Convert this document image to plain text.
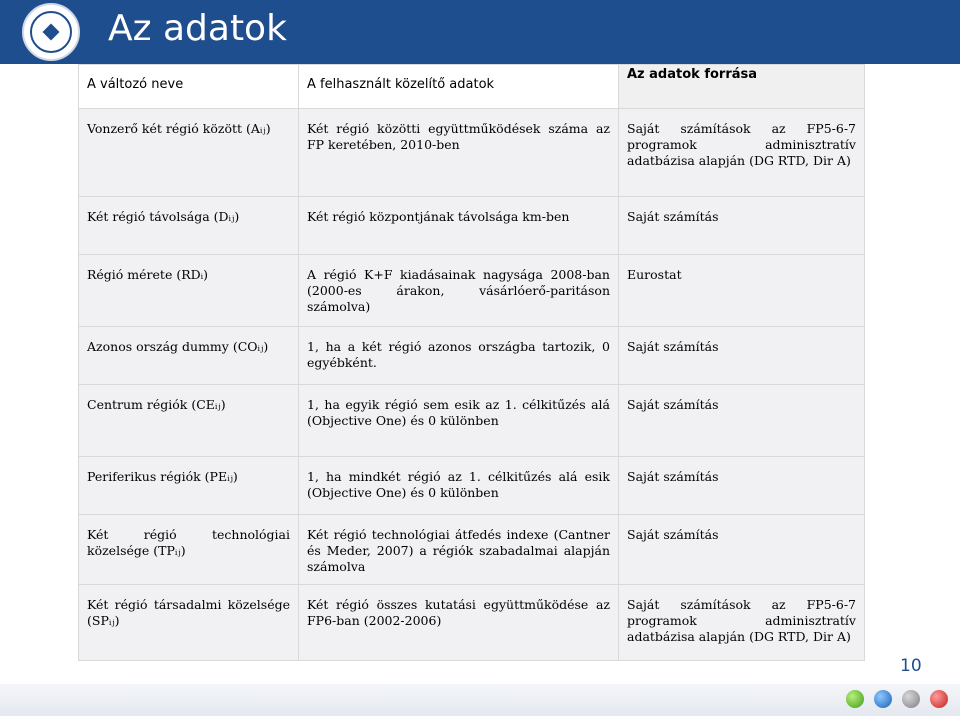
Az adatok
A változó neve	A felhasznált közelítő adatok	Az adatok forrása

Vonzerő két régió között (Aᵢⱼ)	Két régió közötti együttműködések száma az FP keretében, 2010-ben	Saját számítások az FP5-6-7 programok adminisztratív adatbázisa alapján (DG RTD, Dir A)

Két régió távolsága (Dᵢⱼ)	Két régió központjának távolsága km-ben	Saját számítás

Régió mérete (RDᵢ)	A régió K+F kiadásainak nagysága 2008-ban (2000-es árakon, vásárlóerő-paritáson számolva)	Eurostat

Azonos ország dummy (COᵢⱼ)	1, ha a két régió azonos országba tartozik, 0 egyébként.	Saját számítás

Centrum régiók (CEᵢⱼ)	1, ha egyik régió sem esik az 1. célkitűzés alá (Objective One) és 0 különben	Saját számítás

Periferikus régiók (PEᵢⱼ)	1, ha mindkét régió az 1. célkitűzés alá esik (Objective One) és 0 különben	Saját számítás

Két régió technológiai közelsége (TPᵢⱼ)	Két régió technológiai átfedés indexe (Cantner és Meder, 2007) a régiók szabadalmai alapján számolva	Saját számítás

Két régió társadalmi közelsége (SPᵢⱼ)	Két régió összes kutatási együttműködése az FP6-ban (2002-2006)	Saját számítások az FP5-6-7 programok adminisztratív adatbázisa alapján (DG RTD, Dir A)

10
